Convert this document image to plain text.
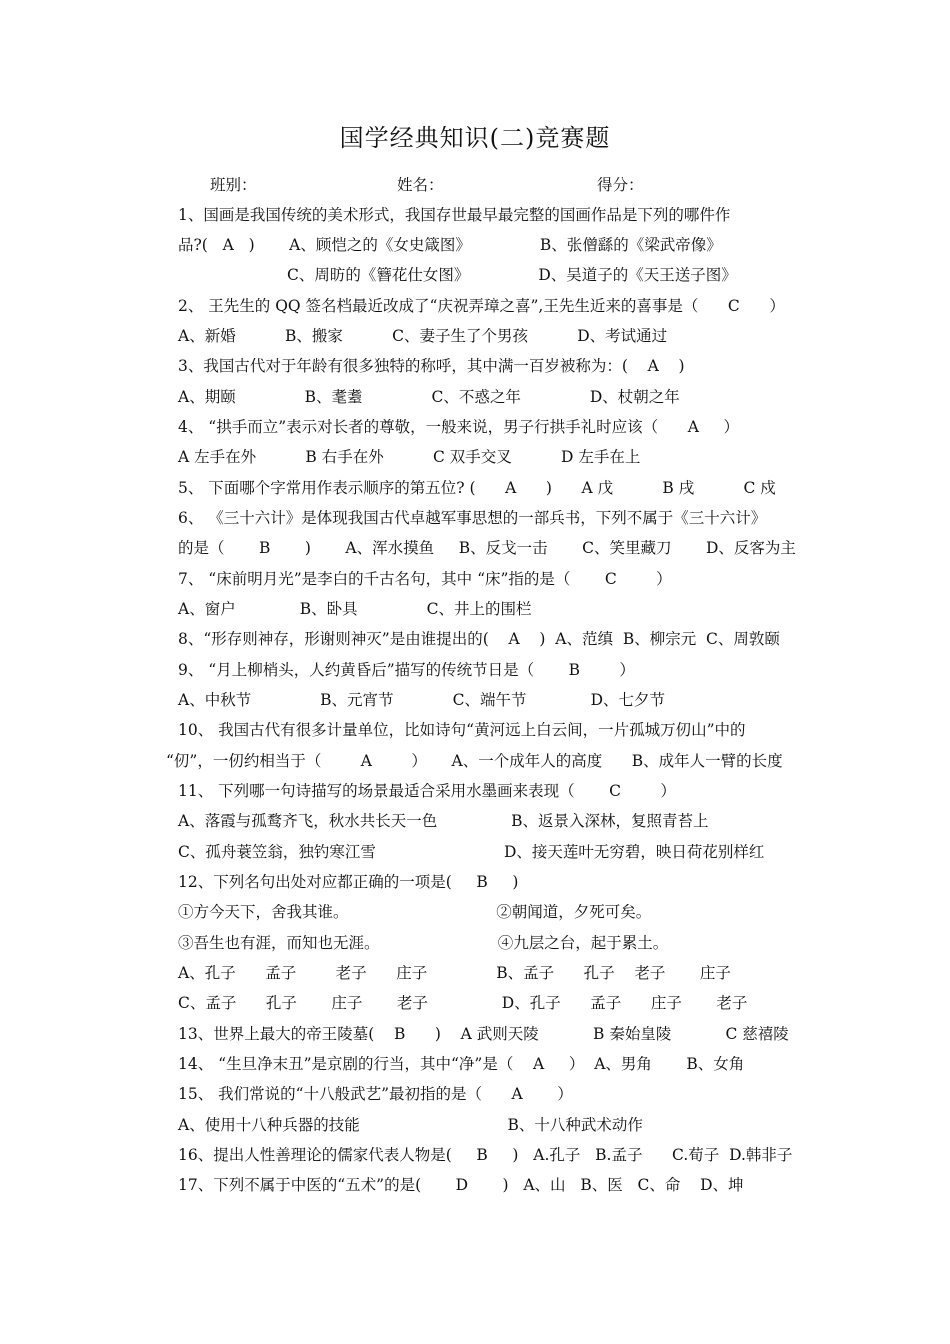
国学经典知识(二)竞赛题
班别：	姓名：	得分：
1、国画是我国传统的美术形式，我国存世最早最完整的国画作品是下列的哪件作
品?(   A   )       A、顾恺之的《女史箴图》              B、张僧繇的《梁武帝像》
C、周昉的《簪花仕女图》              D、吴道子的《天王送子图》
2、 王先生的 QQ 签名档最近改成了“庆祝弄璋之喜”,王先生近来的喜事是（      C      ）
A、新婚          B、搬家          C、妻子生了个男孩          D、考试通过
3、我国古代对于年龄有很多独特的称呼，其中满一百岁被称为：(    A    )
A、期颐              B、耄耋              C、不惑之年              D、杖朝之年
4、 “拱手而立”表示对长者的尊敬，一般来说，男子行拱手礼时应该（      A     ）
A 左手在外          B 右手在外          C 双手交叉          D 左手在上
5、 下面哪个字常用作表示顺序的第五位? (      A      )      A 戊          B 戌          C 戍
6、 《三十六计》是体现我国古代卓越军事思想的一部兵书，下列不属于《三十六计》
的是（       B       )       A、浑水摸鱼     B、反戈一击       C、笑里藏刀       D、反客为主
7、 “床前明月光”是李白的千古名句，其中 “床”指的是（       C        ）
A、窗户             B、卧具              C、井上的围栏
8、“形存则神存，形谢则神灭”是由谁提出的(    A    )  A、范缜  B、柳宗元  C、周敦颐
9、 “月上柳梢头，人约黄昏后”描写的传统节日是（       B        ）
A、中秋节              B、元宵节            C、端午节             D、七夕节
10、 我国古代有很多计量单位，比如诗句“黄河远上白云间，一片孤城万仞山”中的
“仞”，一仞约相当于（        A        ）     A、一个成年人的高度      B、成年人一臂的长度
11、 下列哪一句诗描写的场景最适合采用水墨画来表现（       C        ）
A、落霞与孤鹜齐飞，秋水共长天一色               B、返景入深林，复照青苔上
C、孤舟蓑笠翁，独钓寒江雪                          D、接天莲叶无穷碧，映日荷花别样红
12、下列名句出处对应都正确的一项是(     B     )
①方今天下，舍我其谁。                              ②朝闻道，夕死可矣。
③吾生也有涯，而知也无涯。                        ④九层之台，起于累土。
A、孔子      孟子        老子      庄子              B、孟子      孔子    老子       庄子
C、孟子      孔子       庄子       老子               D、孔子      孟子      庄子       老子
13、世界上最大的帝王陵墓(    B      )    A 武则天陵           B 秦始皇陵           C 慈禧陵
14、 “生旦净末丑”是京剧的行当，其中“净”是（    A     ）  A、男角       B、女角
15、 我们常说的“十八般武艺”最初指的是（      A       ）
A、使用十八种兵器的技能                              B、十八种武术动作
16、提出人性善理论的儒家代表人物是(     B     )   A.孔子   B.孟子      C.荀子  D.韩非子
17、下列不属于中医的“五术”的是(       D       )   A、山   B、医   C、命    D、坤
